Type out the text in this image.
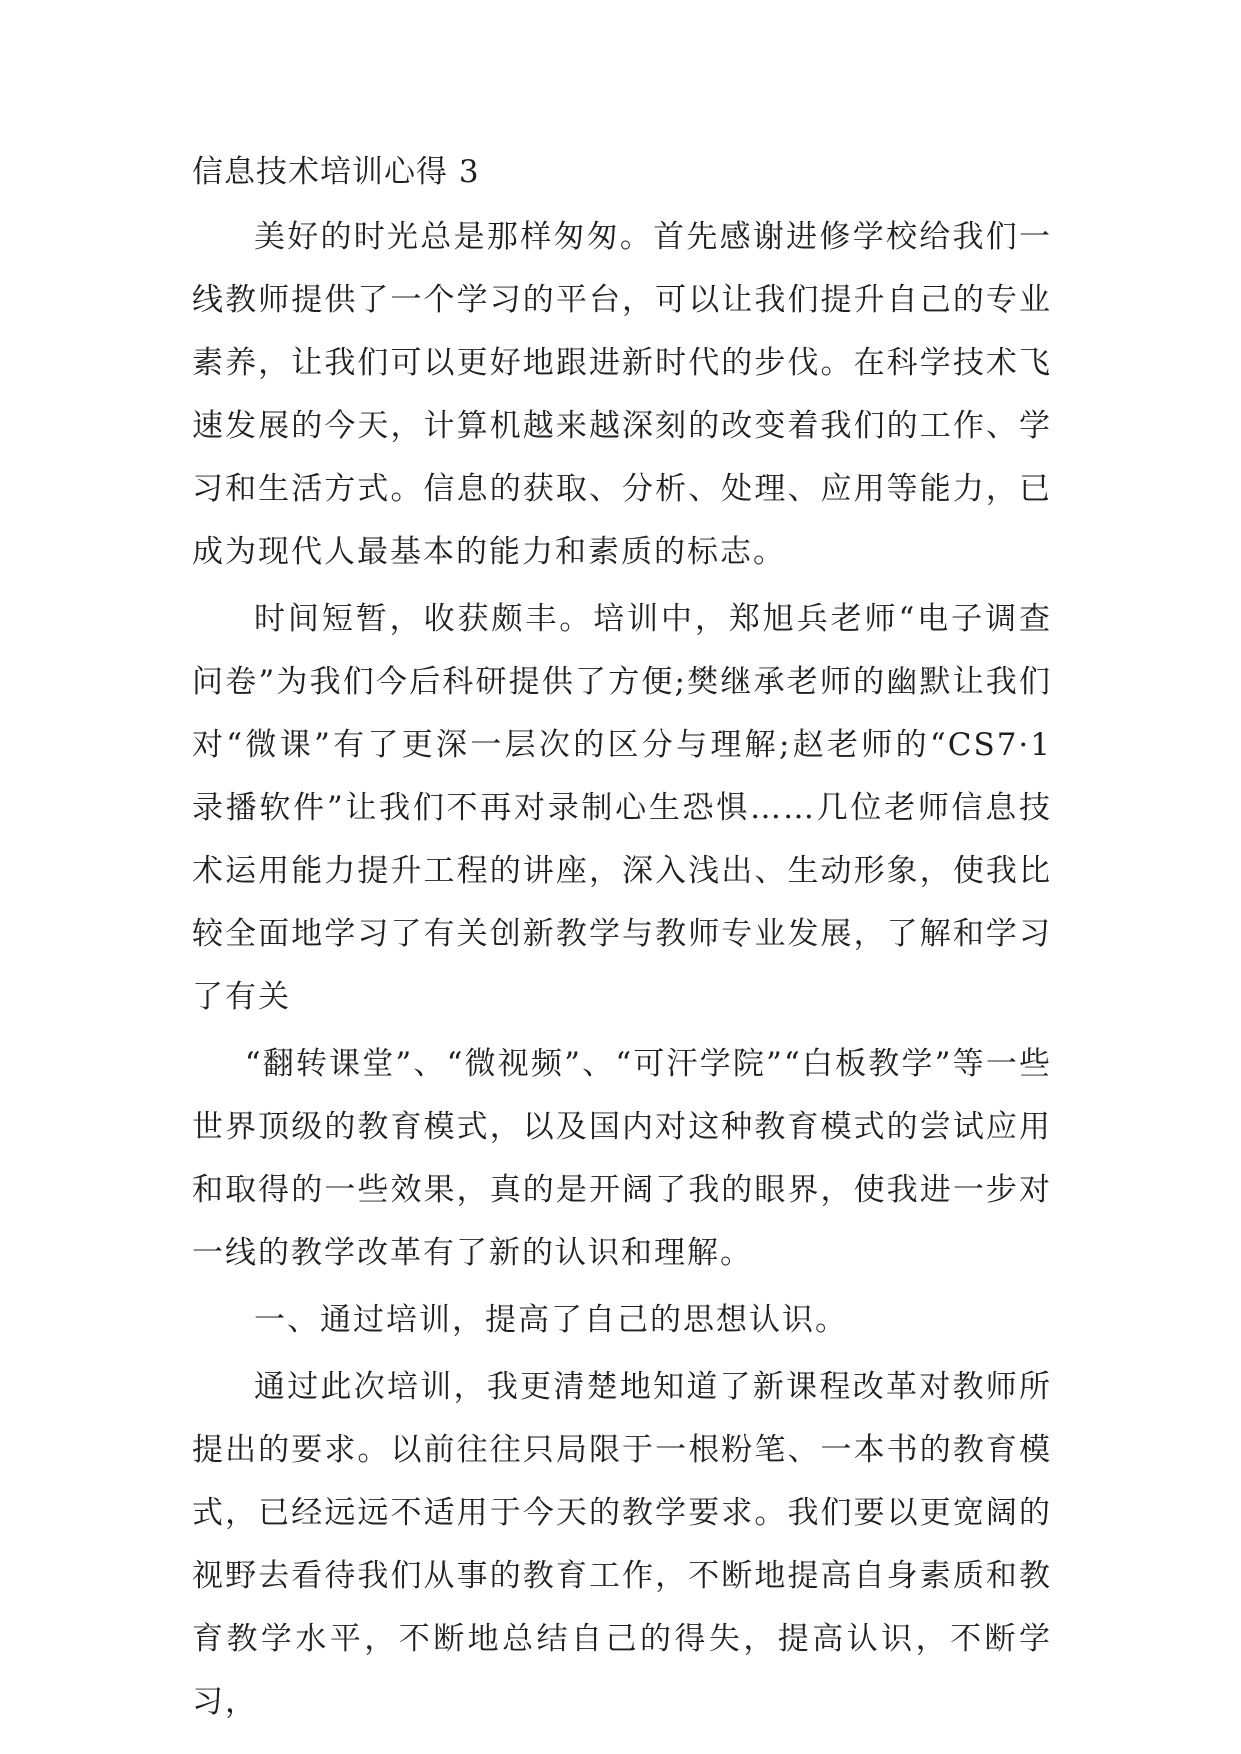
信息技术培训心得 3

美好的时光总是那样匆匆。首先感谢进修学校给我们一线教师提供了一个学习的平台，可以让我们提升自己的专业素养，让我们可以更好地跟进新时代的步伐。在科学技术飞速发展的今天，计算机越来越深刻的改变着我们的工作、学习和生活方式。信息的获取、分析、处理、应用等能力，已成为现代人最基本的能力和素质的标志。

时间短暂，收获颇丰。培训中，郑旭兵老师“电子调查问卷”为我们今后科研提供了方便;樊继承老师的幽默让我们对“微课”有了更深一层次的区分与理解;赵老师的“CS7·1录播软件”让我们不再对录制心生恐惧……几位老师信息技术运用能力提升工程的讲座，深入浅出、生动形象，使我比较全面地学习了有关创新教学与教师专业发展，了解和学习了有关

“翻转课堂”、“微视频”、“可汗学院”“白板教学”等一些世界顶级的教育模式，以及国内对这种教育模式的尝试应用和取得的一些效果，真的是开阔了我的眼界，使我进一步对一线的教学改革有了新的认识和理解。

一、通过培训，提高了自己的思想认识。

通过此次培训，我更清楚地知道了新课程改革对教师所提出的要求。以前往往只局限于一根粉笔、一本书的教育模式，已经远远不适用于今天的教学要求。我们要以更宽阔的视野去看待我们从事的教育工作，不断地提高自身素质和教育教学水平，不断地总结自己的得失，提高认识，不断学习，
